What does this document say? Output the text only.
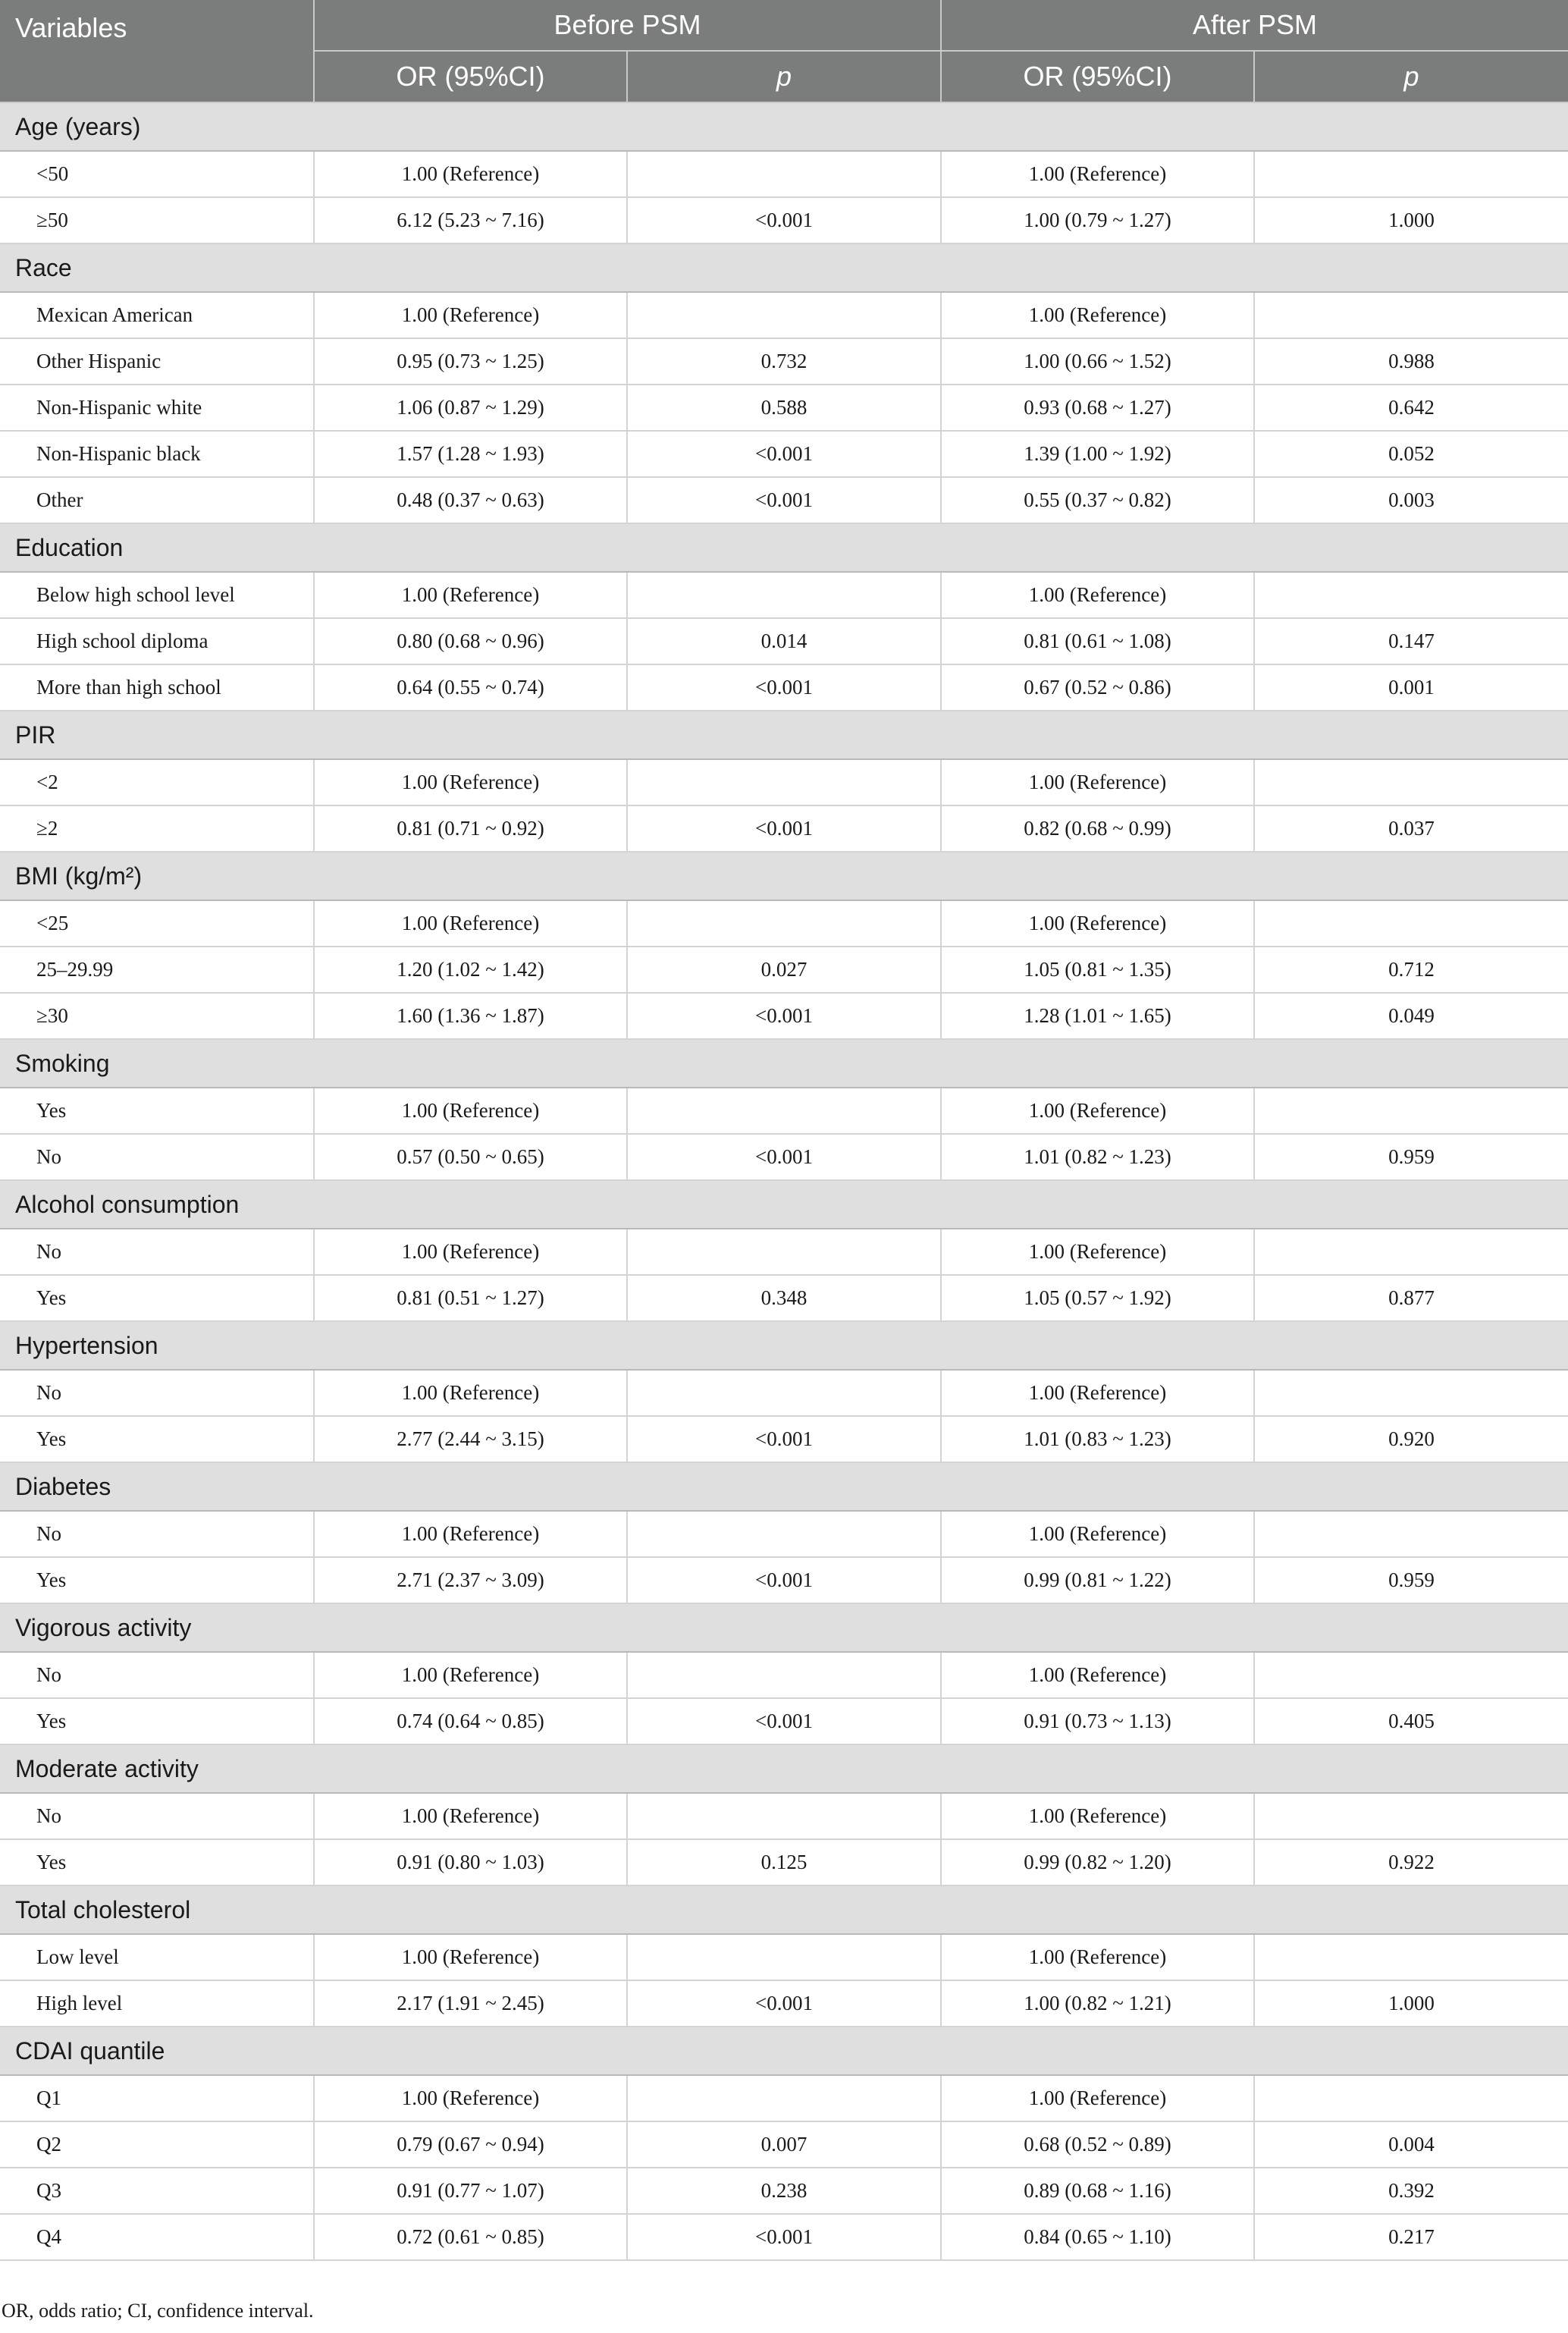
Variables	Before PSM		After PSM	
	OR (95%CI)	p	OR (95%CI)	p
Age (years)				
<50	1.00 (Reference)		1.00 (Reference)	
≥50	6.12 (5.23 ~ 7.16)	<0.001	1.00 (0.79 ~ 1.27)	1.000
Race				
Mexican American	1.00 (Reference)		1.00 (Reference)	
Other Hispanic	0.95 (0.73 ~ 1.25)	0.732	1.00 (0.66 ~ 1.52)	0.988
Non-Hispanic white	1.06 (0.87 ~ 1.29)	0.588	0.93 (0.68 ~ 1.27)	0.642
Non-Hispanic black	1.57 (1.28 ~ 1.93)	<0.001	1.39 (1.00 ~ 1.92)	0.052
Other	0.48 (0.37 ~ 0.63)	<0.001	0.55 (0.37 ~ 0.82)	0.003
Education				
Below high school level	1.00 (Reference)		1.00 (Reference)	
High school diploma	0.80 (0.68 ~ 0.96)	0.014	0.81 (0.61 ~ 1.08)	0.147
More than high school	0.64 (0.55 ~ 0.74)	<0.001	0.67 (0.52 ~ 0.86)	0.001
PIR				
<2	1.00 (Reference)		1.00 (Reference)	
≥2	0.81 (0.71 ~ 0.92)	<0.001	0.82 (0.68 ~ 0.99)	0.037
BMI (kg/m²)				
<25	1.00 (Reference)		1.00 (Reference)	
25–29.99	1.20 (1.02 ~ 1.42)	0.027	1.05 (0.81 ~ 1.35)	0.712
≥30	1.60 (1.36 ~ 1.87)	<0.001	1.28 (1.01 ~ 1.65)	0.049
Smoking				
Yes	1.00 (Reference)		1.00 (Reference)	
No	0.57 (0.50 ~ 0.65)	<0.001	1.01 (0.82 ~ 1.23)	0.959
Alcohol consumption				
No	1.00 (Reference)		1.00 (Reference)	
Yes	0.81 (0.51 ~ 1.27)	0.348	1.05 (0.57 ~ 1.92)	0.877
Hypertension				
No	1.00 (Reference)		1.00 (Reference)	
Yes	2.77 (2.44 ~ 3.15)	<0.001	1.01 (0.83 ~ 1.23)	0.920
Diabetes				
No	1.00 (Reference)		1.00 (Reference)	
Yes	2.71 (2.37 ~ 3.09)	<0.001	0.99 (0.81 ~ 1.22)	0.959
Vigorous activity				
No	1.00 (Reference)		1.00 (Reference)	
Yes	0.74 (0.64 ~ 0.85)	<0.001	0.91 (0.73 ~ 1.13)	0.405
Moderate activity				
No	1.00 (Reference)		1.00 (Reference)	
Yes	0.91 (0.80 ~ 1.03)	0.125	0.99 (0.82 ~ 1.20)	0.922
Total cholesterol				
Low level	1.00 (Reference)		1.00 (Reference)	
High level	2.17 (1.91 ~ 2.45)	<0.001	1.00 (0.82 ~ 1.21)	1.000
CDAI quantile				
Q1	1.00 (Reference)		1.00 (Reference)	
Q2	0.79 (0.67 ~ 0.94)	0.007	0.68 (0.52 ~ 0.89)	0.004
Q3	0.91 (0.77 ~ 1.07)	0.238	0.89 (0.68 ~ 1.16)	0.392
Q4	0.72 (0.61 ~ 0.85)	<0.001	0.84 (0.65 ~ 1.10)	0.217
OR, odds ratio; CI, confidence interval.
